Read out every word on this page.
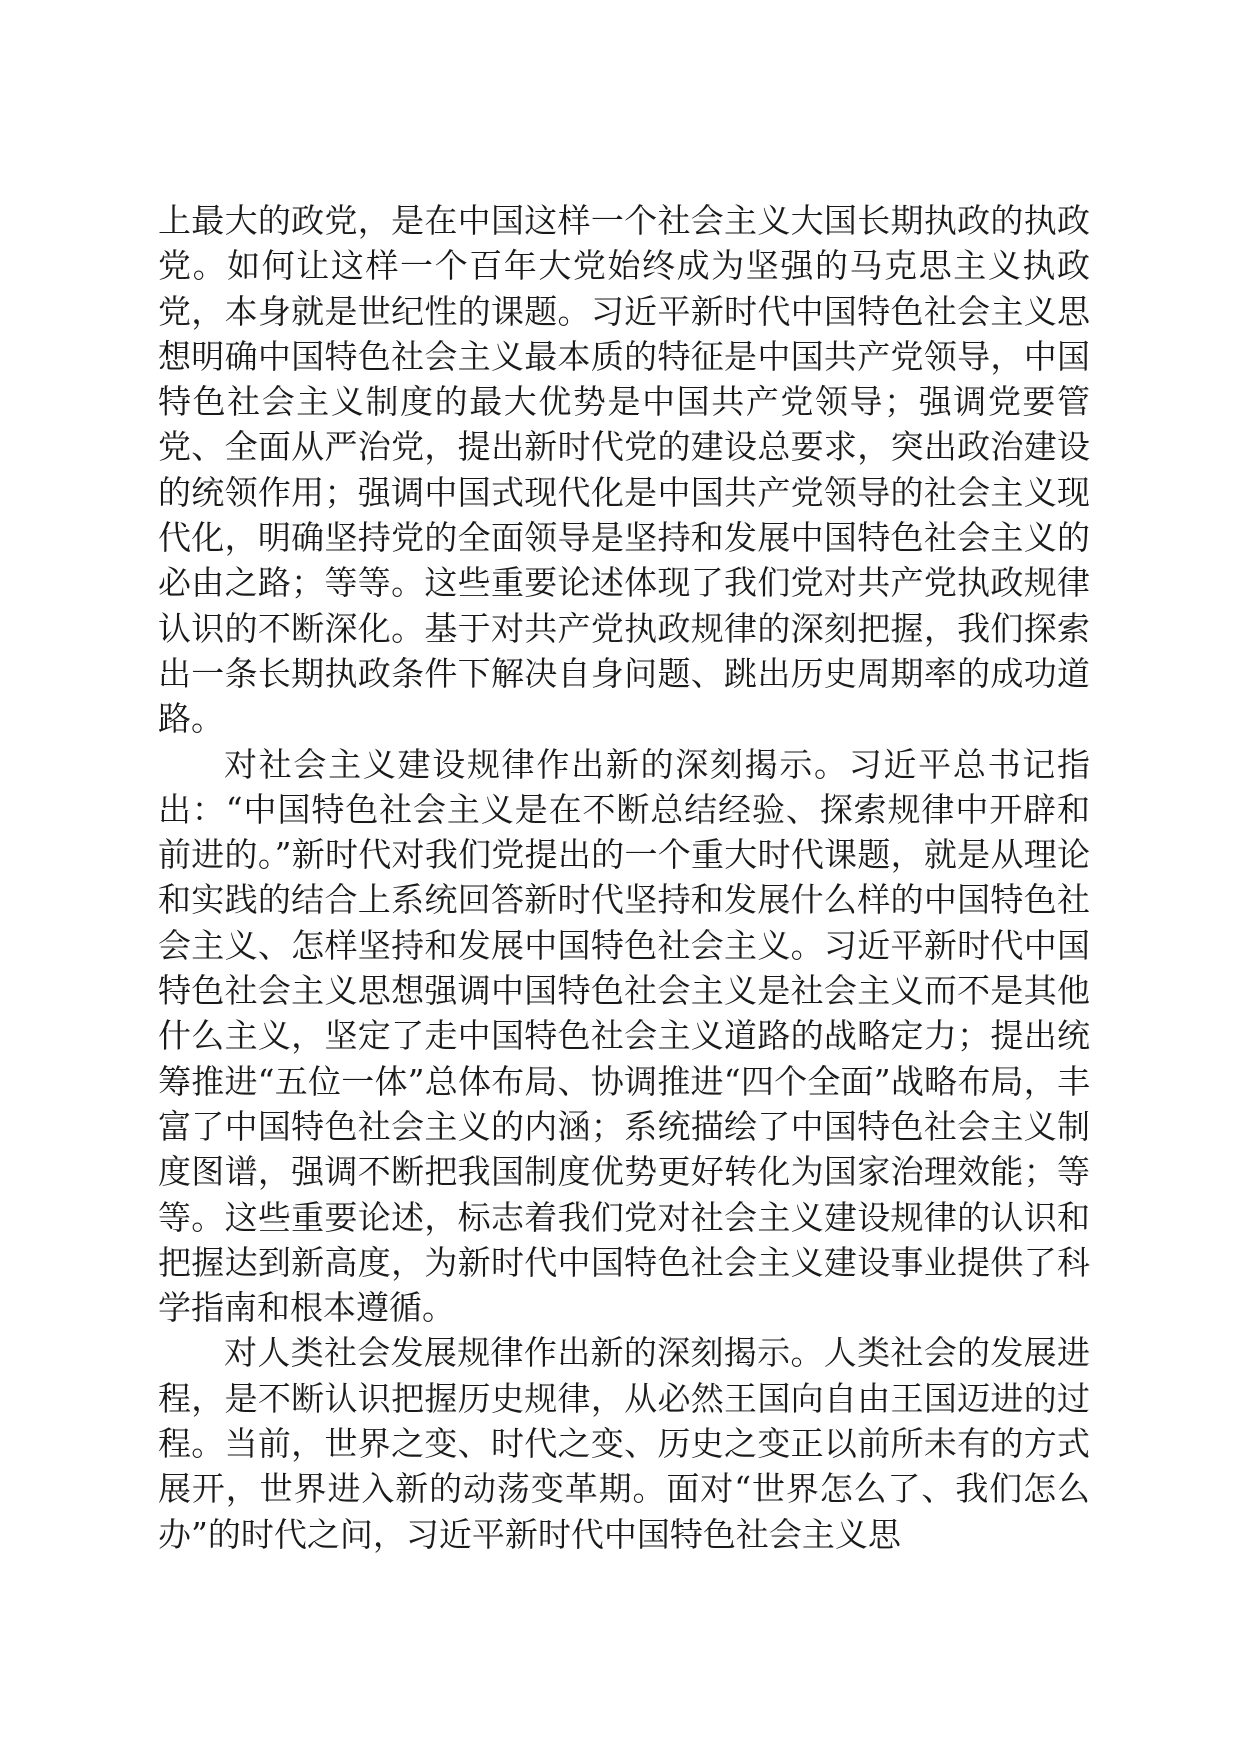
上最大的政党，是在中国这样一个社会主义大国长期执政的执政党。如何让这样一个百年大党始终成为坚强的马克思主义执政党，本身就是世纪性的课题。习近平新时代中国特色社会主义思想明确中国特色社会主义最本质的特征是中国共产党领导，中国特色社会主义制度的最大优势是中国共产党领导；强调党要管党、全面从严治党，提出新时代党的建设总要求，突出政治建设的统领作用；强调中国式现代化是中国共产党领导的社会主义现代化，明确坚持党的全面领导是坚持和发展中国特色社会主义的必由之路；等等。这些重要论述体现了我们党对共产党执政规律认识的不断深化。基于对共产党执政规律的深刻把握，我们探索出一条长期执政条件下解决自身问题、跳出历史周期率的成功道路。

对社会主义建设规律作出新的深刻揭示。习近平总书记指出：“中国特色社会主义是在不断总结经验、探索规律中开辟和前进的。”新时代对我们党提出的一个重大时代课题，就是从理论和实践的结合上系统回答新时代坚持和发展什么样的中国特色社会主义、怎样坚持和发展中国特色社会主义。习近平新时代中国特色社会主义思想强调中国特色社会主义是社会主义而不是其他什么主义，坚定了走中国特色社会主义道路的战略定力；提出统筹推进“五位一体”总体布局、协调推进“四个全面”战略布局，丰富了中国特色社会主义的内涵；系统描绘了中国特色社会主义制度图谱，强调不断把我国制度优势更好转化为国家治理效能；等等。这些重要论述，标志着我们党对社会主义建设规律的认识和把握达到新高度，为新时代中国特色社会主义建设事业提供了科学指南和根本遵循。

对人类社会发展规律作出新的深刻揭示。人类社会的发展进程，是不断认识把握历史规律，从必然王国向自由王国迈进的过程。当前，世界之变、时代之变、历史之变正以前所未有的方式展开，世界进入新的动荡变革期。面对“世界怎么了、我们怎么办”的时代之问，习近平新时代中国特色社会主义思
